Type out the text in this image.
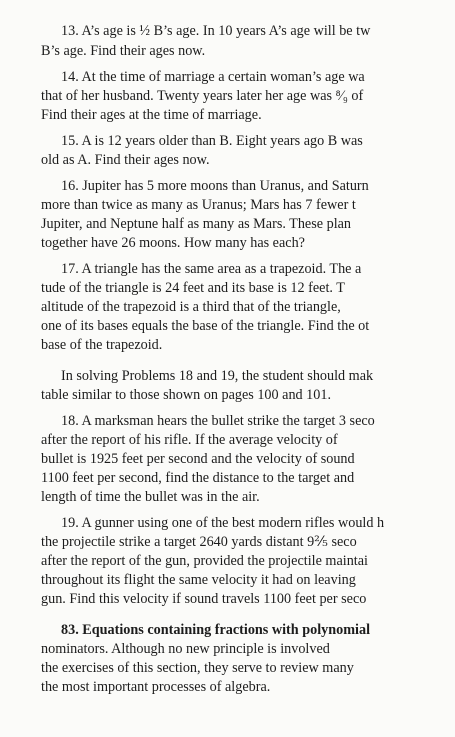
13. A’s age is ½ B’s age. In 10 years A’s age will be tw
B’s age. Find their ages now.
14. At the time of marriage a certain woman’s age wa
that of her husband. Twenty years later her age was ⁸⁄₉ of
Find their ages at the time of marriage.
15. A is 12 years older than B. Eight years ago B was
old as A. Find their ages now.
16. Jupiter has 5 more moons than Uranus, and Saturn
more than twice as many as Uranus; Mars has 7 fewer t
Jupiter, and Neptune half as many as Mars. These plan
together have 26 moons. How many has each?
17. A triangle has the same area as a trapezoid. The a
tude of the triangle is 24 feet and its base is 12 feet. T
altitude of the trapezoid is a third that of the triangle,
one of its bases equals the base of the triangle. Find the ot
base of the trapezoid.
In solving Problems 18 and 19, the student should mak
table similar to those shown on pages 100 and 101.
18. A marksman hears the bullet strike the target 3 seco
after the report of his rifle. If the average velocity of
bullet is 1925 feet per second and the velocity of sound
1100 feet per second, find the distance to the target and
length of time the bullet was in the air.
19. A gunner using one of the best modern rifles would h
the projectile strike a target 2640 yards distant 9⅖ seco
after the report of the gun, provided the projectile maintai
throughout its flight the same velocity it had on leaving
gun. Find this velocity if sound travels 1100 feet per seco
83. Equations containing fractions with polynomial
nominators. Although no new principle is involved
the exercises of this section, they serve to review many
the most important processes of algebra.
